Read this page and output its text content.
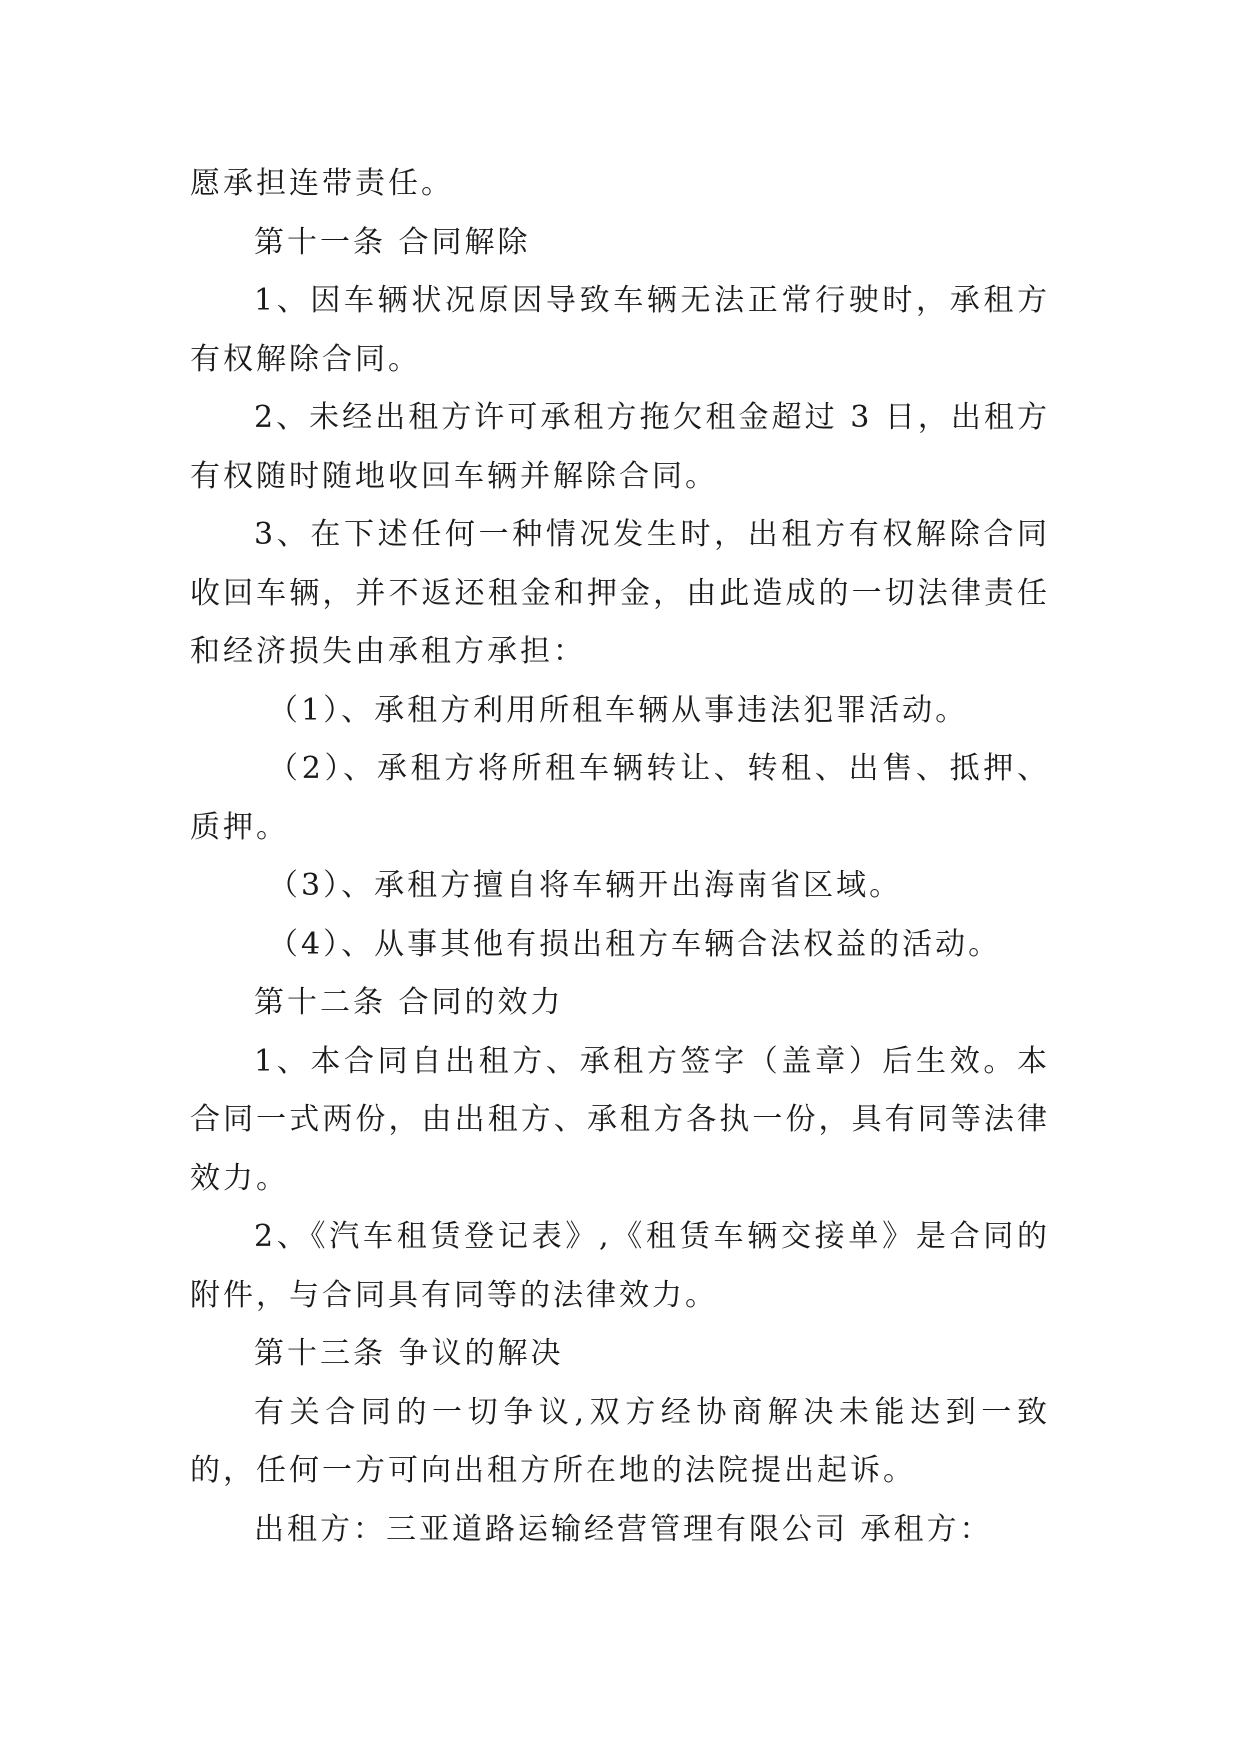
愿承担连带责任。

第十一条 合同解除

1、因车辆状况原因导致车辆无法正常行驶时，承租方有权解除合同。

2、未经出租方许可承租方拖欠租金超过 3 日，出租方有权随时随地收回车辆并解除合同。

3、在下述任何一种情况发生时，出租方有权解除合同收回车辆，并不返还租金和押金，由此造成的一切法律责任和经济损失由承租方承担：

（1）、承租方利用所租车辆从事违法犯罪活动。

（2）、承租方将所租车辆转让、转租、出售、抵押、质押。

（3）、承租方擅自将车辆开出海南省区域。

（4）、从事其他有损出租方车辆合法权益的活动。

第十二条 合同的效力

1、本合同自出租方、承租方签字（盖章）后生效。本合同一式两份，由出租方、承租方各执一份，具有同等法律效力。

2、《汽车租赁登记表》,《租赁车辆交接单》是合同的附件，与合同具有同等的法律效力。

第十三条 争议的解决

有关合同的一切争议,双方经协商解决未能达到一致的，任何一方可向出租方所在地的法院提出起诉。

出租方：三亚道路运输经营管理有限公司 承租方：
